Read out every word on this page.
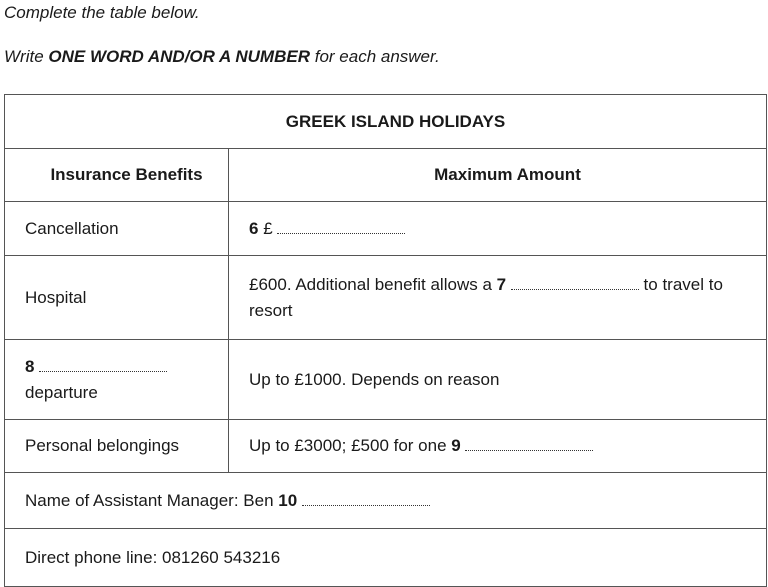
Complete the table below.
Write ONE WORD AND/OR A NUMBER for each answer.
GREEK ISLAND HOLIDAYS	
Insurance Benefits	Maximum Amount
Cancellation	6 £
Hospital	£600. Additional benefit allows a 7 to travel to resort
8
departure	Up to £1000. Depends on reason
Personal belongings	Up to £3000; £500 for one 9
Name of Assistant Manager: Ben 10	
Direct phone line: 081260 543216	
